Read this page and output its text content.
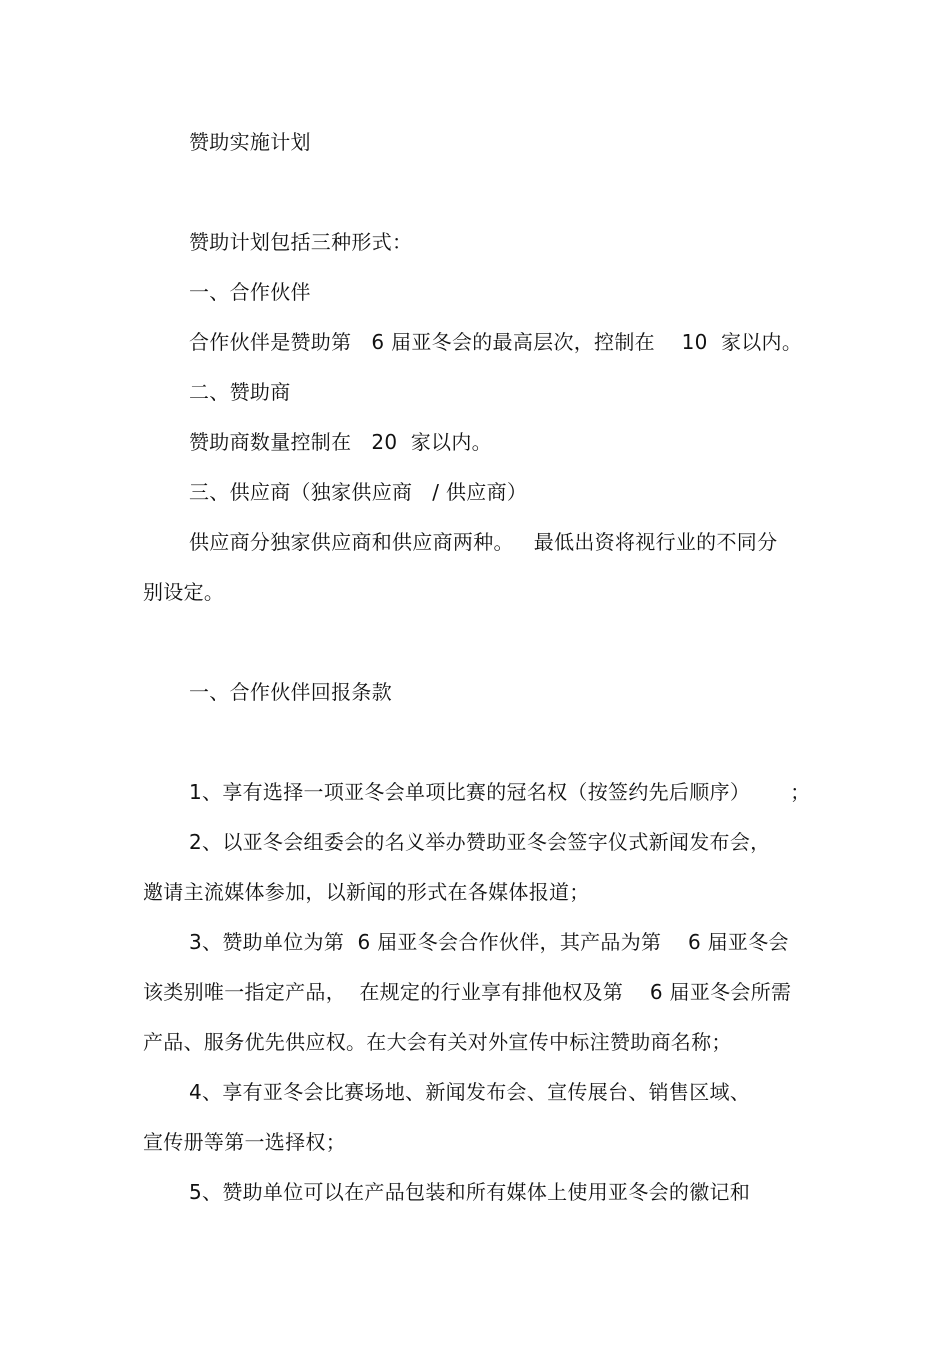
赞助实施计划
赞助计划包括三种形式：
一、合作伙伴
合作伙伴是赞助第   6 届亚冬会的最高层次，控制在    10  家以内。
二、赞助商
赞助商数量控制在   20  家以内。
三、供应商（独家供应商   / 供应商）
供应商分独家供应商和供应商两种。   最低出资将视行业的不同分
别设定。
一、合作伙伴回报条款
1、享有选择一项亚冬会单项比赛的冠名权（按签约先后顺序）      ；
2、以亚冬会组委会的名义举办赞助亚冬会签字仪式新闻发布会，
邀请主流媒体参加，以新闻的形式在各媒体报道；
3、赞助单位为第  6 届亚冬会合作伙伴，其产品为第    6 届亚冬会
该类别唯一指定产品，  在规定的行业享有排他权及第    6 届亚冬会所需
产品、服务优先供应权。在大会有关对外宣传中标注赞助商名称；
4、享有亚冬会比赛场地、新闻发布会、宣传展台、销售区域、
宣传册等第一选择权；
5、赞助单位可以在产品包装和所有媒体上使用亚冬会的徽记和
